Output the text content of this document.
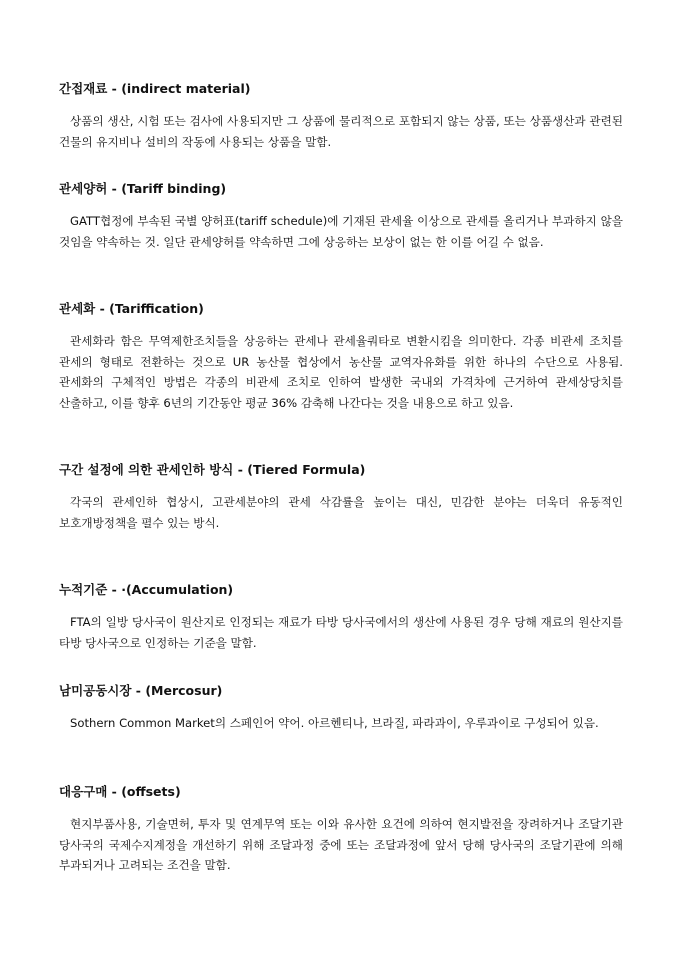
간접재료 - (indirect material)

상품의 생산, 시험 또는 검사에 사용되지만 그 상품에 물리적으로 포함되지 않는 상품, 또는 상품생산과 관련된 건물의 유지비나 설비의 작동에 사용되는 상품을 말함.

관세양허 - (Tariff binding)

GATT협정에 부속된 국별 양허표(tariff schedule)에 기재된 관세율 이상으로 관세를 올리거나 부과하지 않을 것임을 약속하는 것. 일단 관세양허를 약속하면 그에 상응하는 보상이 없는 한 이를 어길 수 없음.

관세화 - (Tariffication)

관세화라 함은 무역제한조치들을 상응하는 관세나 관세율쿼타로 변환시킴을 의미한다. 각종 비관세 조치를 관세의 형태로 전환하는 것으로 UR 농산물 협상에서 농산물 교역자유화를 위한 하나의 수단으로 사용됨. 관세화의 구체적인 방법은 각종의 비관세 조치로 인하여 발생한 국내외 가격차에 근거하여 관세상당치를 산출하고, 이를 향후 6년의 기간동안 평균 36% 감축해 나간다는 것을 내용으로 하고 있음.

구간 설정에 의한 관세인하 방식 - (Tiered Formula)

각국의 관세인하 협상시, 고관세분야의 관세 삭감률을 높이는 대신, 민감한 분야는 더욱더 유동적인 보호개방정책을 펼수 있는 방식.

누적기준 - ·(Accumulation)

FTA의 일방 당사국이 원산지로 인정되는 재료가 타방 당사국에서의 생산에 사용된 경우 당해 재료의 원산지를 타방 당사국으로 인정하는 기준을 말함.

남미공동시장 - (Mercosur)

Sothern Common Market의 스페인어 약어. 아르헨티나, 브라질, 파라과이, 우루과이로 구성되어 있음.

대응구매 - (offsets)

현지부품사용, 기술면허, 투자 및 연계무역 또는 이와 유사한 요건에 의하여 현지발전을 장려하거나 조달기관 당사국의 국제수지계정을 개선하기 위해 조달과정 중에 또는 조달과정에 앞서 당해 당사국의 조달기관에 의해 부과되거나 고려되는 조건을 말함.
